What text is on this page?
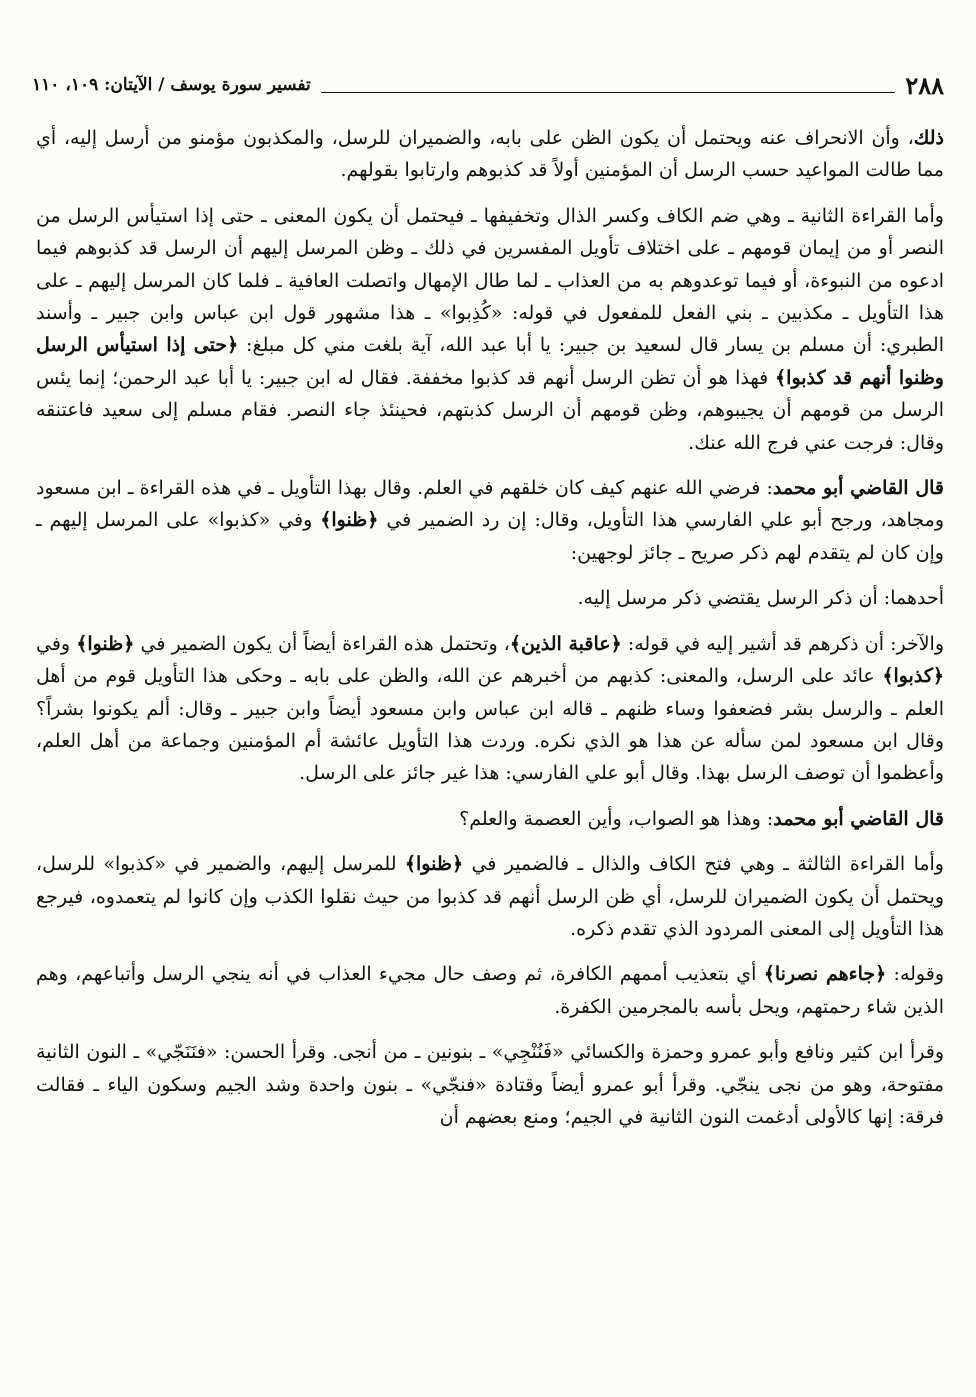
٢٨٨
تفسير سورة يوسف / الآيتان: ١٠٩، ١١٠

ذلك، وأن الانحراف عنه ويحتمل أن يكون الظن على بابه، والضميران للرسل، والمكذبون مؤمنو من أرسل إليه، أي مما طالت المواعيد حسب الرسل أن المؤمنين أولاً قد كذبوهم وارتابوا بقولهم.

وأما القراءة الثانية ـ وهي ضم الكاف وكسر الذال وتخفيفها ـ فيحتمل أن يكون المعنى ـ حتى إذا استيأس الرسل من النصر أو من إيمان قومهم ـ على اختلاف تأويل المفسرين في ذلك ـ وظن المرسل إليهم أن الرسل قد كذبوهم فيما ادعوه من النبوءة، أو فيما توعدوهم به من العذاب ـ لما طال الإمهال واتصلت العافية ـ فلما كان المرسل إليهم ـ على هذا التأويل ـ مكذبين ـ بني الفعل للمفعول في قوله: «كُذِبوا» ـ هذا مشهور قول ابن عباس وابن جبير ـ وأسند الطبري: أن مسلم بن يسار قال لسعيد بن جبير: يا أبا عبد الله، آية بلغت مني كل مبلغ: ﴿حتى إذا استيأس الرسل وظنوا أنهم قد كذبوا﴾ فهذا هو أن تظن الرسل أنهم قد كذبوا مخففة. فقال له ابن جبير: يا أبا عبد الرحمن؛ إنما يئس الرسل من قومهم أن يجيبوهم، وظن قومهم أن الرسل كذبتهم، فحينئذ جاء النصر. فقام مسلم إلى سعيد فاعتنقه وقال: فرجت عني فرج الله عنك.

قال القاضي أبو محمد: فرضي الله عنهم كيف كان خلقهم في العلم. وقال بهذا التأويل ـ في هذه القراءة ـ ابن مسعود ومجاهد، ورجح أبو علي الفارسي هذا التأويل، وقال: إن رد الضمير في ﴿ظنوا﴾ وفي «كذبوا» على المرسل إليهم ـ وإن كان لم يتقدم لهم ذكر صريح ـ جائز لوجهين:

أحدهما: أن ذكر الرسل يقتضي ذكر مرسل إليه.

والآخر: أن ذكرهم قد أشير إليه في قوله: ﴿عاقبة الذين﴾، وتحتمل هذه القراءة أيضاً أن يكون الضمير في ﴿ظنوا﴾ وفي ﴿كذبوا﴾ عائد على الرسل، والمعنى: كذبهم من أخبرهم عن الله، والظن على بابه ـ وحكى هذا التأويل قوم من أهل العلم ـ والرسل بشر فضعفوا وساء ظنهم ـ قاله ابن عباس وابن مسعود أيضاً وابن جبير ـ وقال: ألم يكونوا بشراً؟ وقال ابن مسعود لمن سأله عن هذا هو الذي نكره. وردت هذا التأويل عائشة أم المؤمنين وجماعة من أهل العلم، وأعظموا أن توصف الرسل بهذا. وقال أبو علي الفارسي: هذا غير جائز على الرسل.

قال القاضي أبو محمد: وهذا هو الصواب، وأين العصمة والعلم؟

وأما القراءة الثالثة ـ وهي فتح الكاف والذال ـ فالضمير في ﴿ظنوا﴾ للمرسل إليهم، والضمير في «كذبوا» للرسل، ويحتمل أن يكون الضميران للرسل، أي ظن الرسل أنهم قد كذبوا من حيث نقلوا الكذب وإن كانوا لم يتعمدوه، فيرجع هذا التأويل إلى المعنى المردود الذي تقدم ذكره.

وقوله: ﴿جاءهم نصرنا﴾ أي بتعذيب أممهم الكافرة، ثم وصف حال مجيء العذاب في أنه ينجي الرسل وأتباعهم، وهم الذين شاء رحمتهم، ويحل بأسه بالمجرمين الكفرة.

وقرأ ابن كثير ونافع وأبو عمرو وحمزة والكسائي «فَنُنْجِي» ـ بنونين ـ من أنجى. وقرأ الحسن: «فنَنَجّي» ـ النون الثانية مفتوحة، وهو من نجى ينجّي. وقرأ أبو عمرو أيضاً وقتادة «فنجّي» ـ بنون واحدة وشد الجيم وسكون الياء ـ فقالت فرقة: إنها كالأولى أدغمت النون الثانية في الجيم؛ ومنع بعضهم أن
